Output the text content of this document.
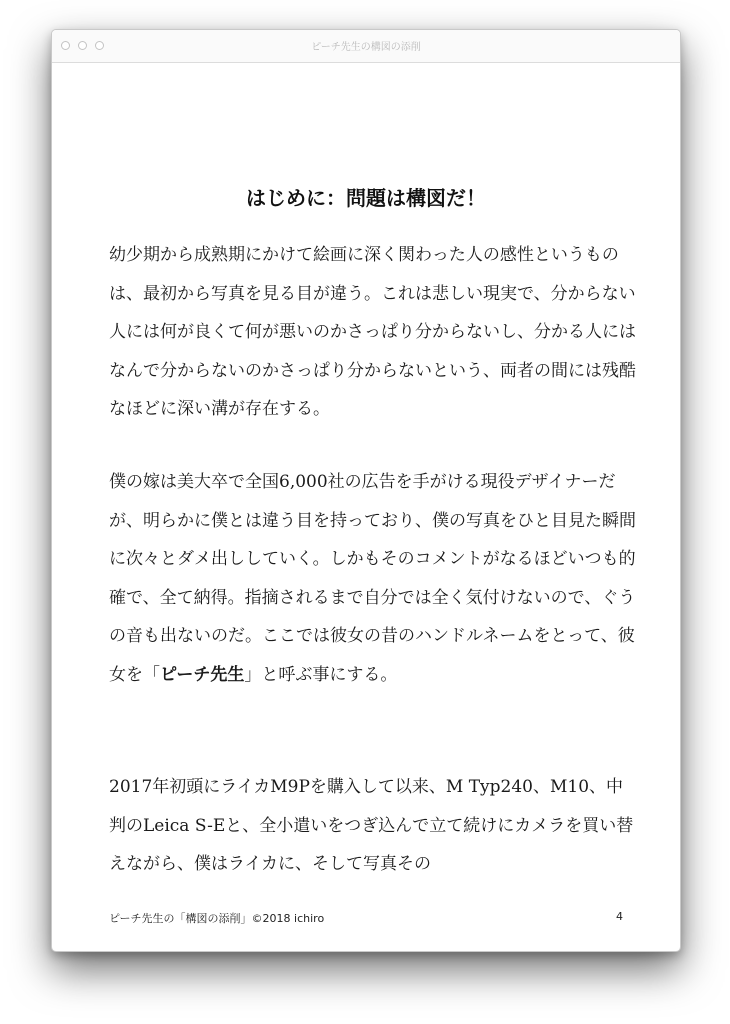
ピーチ先生の構図の添削
はじめに：問題は構図だ！

幼少期から成熟期にかけて絵画に深く関わった人の感性というものは、最初から写真を見る目が違う。これは悲しい現実で、分からない人には何が良くて何が悪いのかさっぱり分からないし、分かる人にはなんで分からないのかさっぱり分からないという、両者の間には残酷なほどに深い溝が存在する。

僕の嫁は美大卒で全国6,000社の広告を手がける現役デザイナーだが、明らかに僕とは違う目を持っており、僕の写真をひと目見た瞬間に次々とダメ出ししていく。しかもそのコメントがなるほどいつも的確で、全て納得。指摘されるまで自分では全く気付けないので、ぐうの音も出ないのだ。ここでは彼女の昔のハンドルネームをとって、彼女を「ピーチ先生」と呼ぶ事にする。

2017年初頭にライカM9Pを購入して以来、M Typ240、M10、中判のLeica S-Eと、全小遣いをつぎ込んで立て続けにカメラを買い替えながら、僕はライカに、そして写真その

ピーチ先生の「構図の添削」©2018 ichiro	4
